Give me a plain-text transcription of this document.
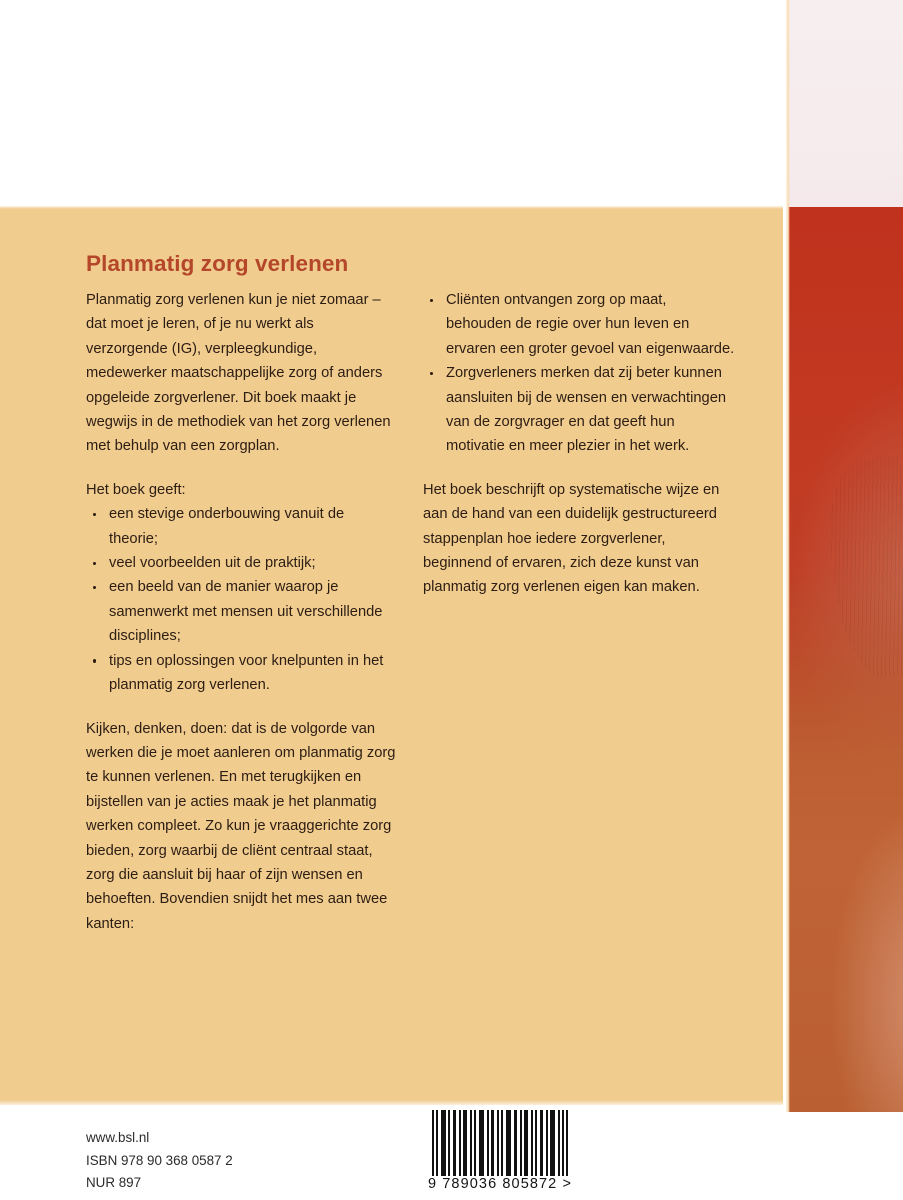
Planmatig zorg verlenen

Planmatig zorg verlenen kun je niet zomaar – dat moet je leren, of je nu werkt als verzorgende (IG), verpleegkundige, medewerker maatschappelijke zorg of anders opgeleide zorgverlener. Dit boek maakt je wegwijs in de methodiek van het zorg verlenen met behulp van een zorgplan.

Het boek geeft:

een stevige onderbouwing vanuit de theorie;
veel voorbeelden uit de praktijk;
een beeld van de manier waarop je samenwerkt met mensen uit verschillende disciplines;
tips en oplossingen voor knelpunten in het planmatig zorg verlenen.

Kijken, denken, doen: dat is de volgorde van werken die je moet aanleren om planmatig zorg te kunnen verlenen. En met terugkijken en bijstellen van je acties maak je het planmatig werken compleet. Zo kun je vraaggerichte zorg bieden, zorg waarbij de cliënt centraal staat, zorg die aansluit bij haar of zijn wensen en behoeften. Bovendien snijdt het mes aan twee kanten:

Cliënten ontvangen zorg op maat, behouden de regie over hun leven en ervaren een groter gevoel van eigenwaarde.
Zorgverleners merken dat zij beter kunnen aansluiten bij de wensen en verwachtingen van de zorgvrager en dat geeft hun motivatie en meer plezier in het werk.

Het boek beschrijft op systematische wijze en aan de hand van een duidelijk gestructureerd stappenplan hoe iedere zorgverlener, beginnend of ervaren, zich deze kunst van planmatig zorg verlenen eigen kan maken.

www.bsl.nl
ISBN 978 90 368 0587 2
NUR 897	9 789036 805872 >
